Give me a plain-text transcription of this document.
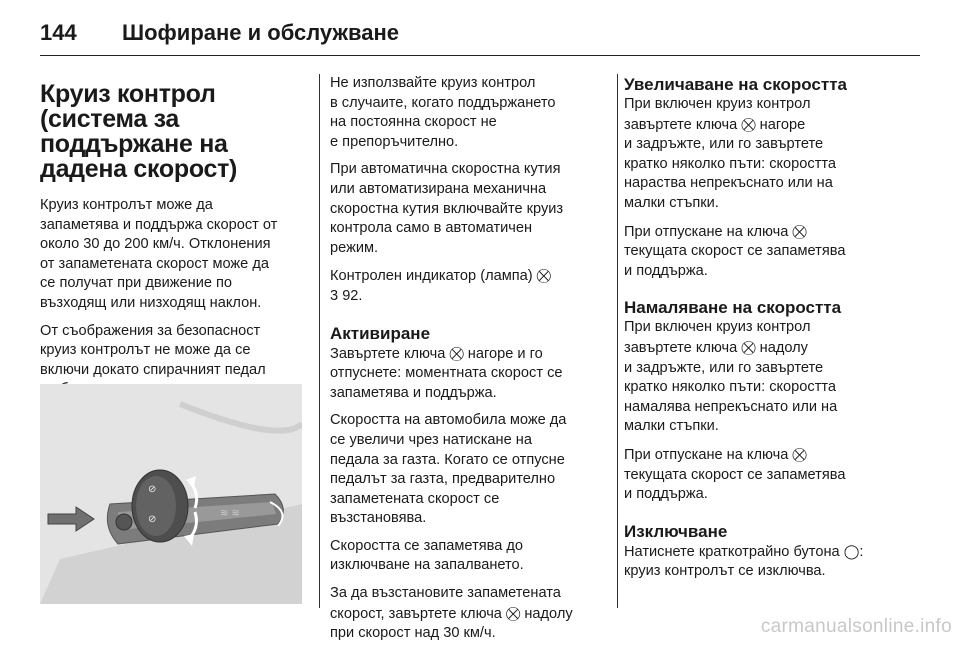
144 Шофиране и обслужване
Круиз контрол
(система за
поддържане на
дадена скорост)

Круиз контролът може да
запаметява и поддържа скорост от
около 30 до 200 км/ч. Отклонения
от запаметената скорост може да
се получат при движение по
възходящ или низходящ наклон.

От съображения за безопасност
круиз контролът не може да се
включи докато спирачният педал

⊘
⊘
≋ ≋

Не използвайте круиз контрол
в случаите, когато поддържането
на постоянна скорост не
е препоръчително.

При автоматична скоростна кутия
или автоматизирана механична
скоростна кутия включвайте круиз
контрола само в автоматичен
режим.

Контролен индикатор (лампа) ⛒
3 92.

Активиране

Завъртете ключа ⛒ нагоре и го
отпуснете: моментната скорост се
запаметява и поддържа.

Скоростта на автомобила може да
се увеличи чрез натискане на
педала за газта. Когато се отпусне
педалът за газта, предварително
запаметената скорост се
възстановява.

Скоростта се запаметява до
изключване на запалването.

За да възстановите запаметената
скорост, завъртете ключа ⛒ надолу
при скорост над 30 км/ч.

Увеличаване на скоростта

При включен круиз контрол
завъртете ключа ⛒ нагоре
и задръжте, или го завъртете
кратко няколко пъти: скоростта
нараства непрекъснато или на
малки стъпки.

При отпускане на ключа ⛒
текущата скорост се запаметява
и поддържа.

Намаляване на скоростта

При включен круиз контрол
завъртете ключа ⛒ надолу
и задръжте, или го завъртете
кратко няколко пъти: скоростта
намалява непрекъснато или на
малки стъпки.

При отпускане на ключа ⛒
текущата скорост се запаметява
и поддържа.

Изключване

Натиснете краткотрайно бутона ◯:
круиз контролът се изключва.

carmanualsonline.info
